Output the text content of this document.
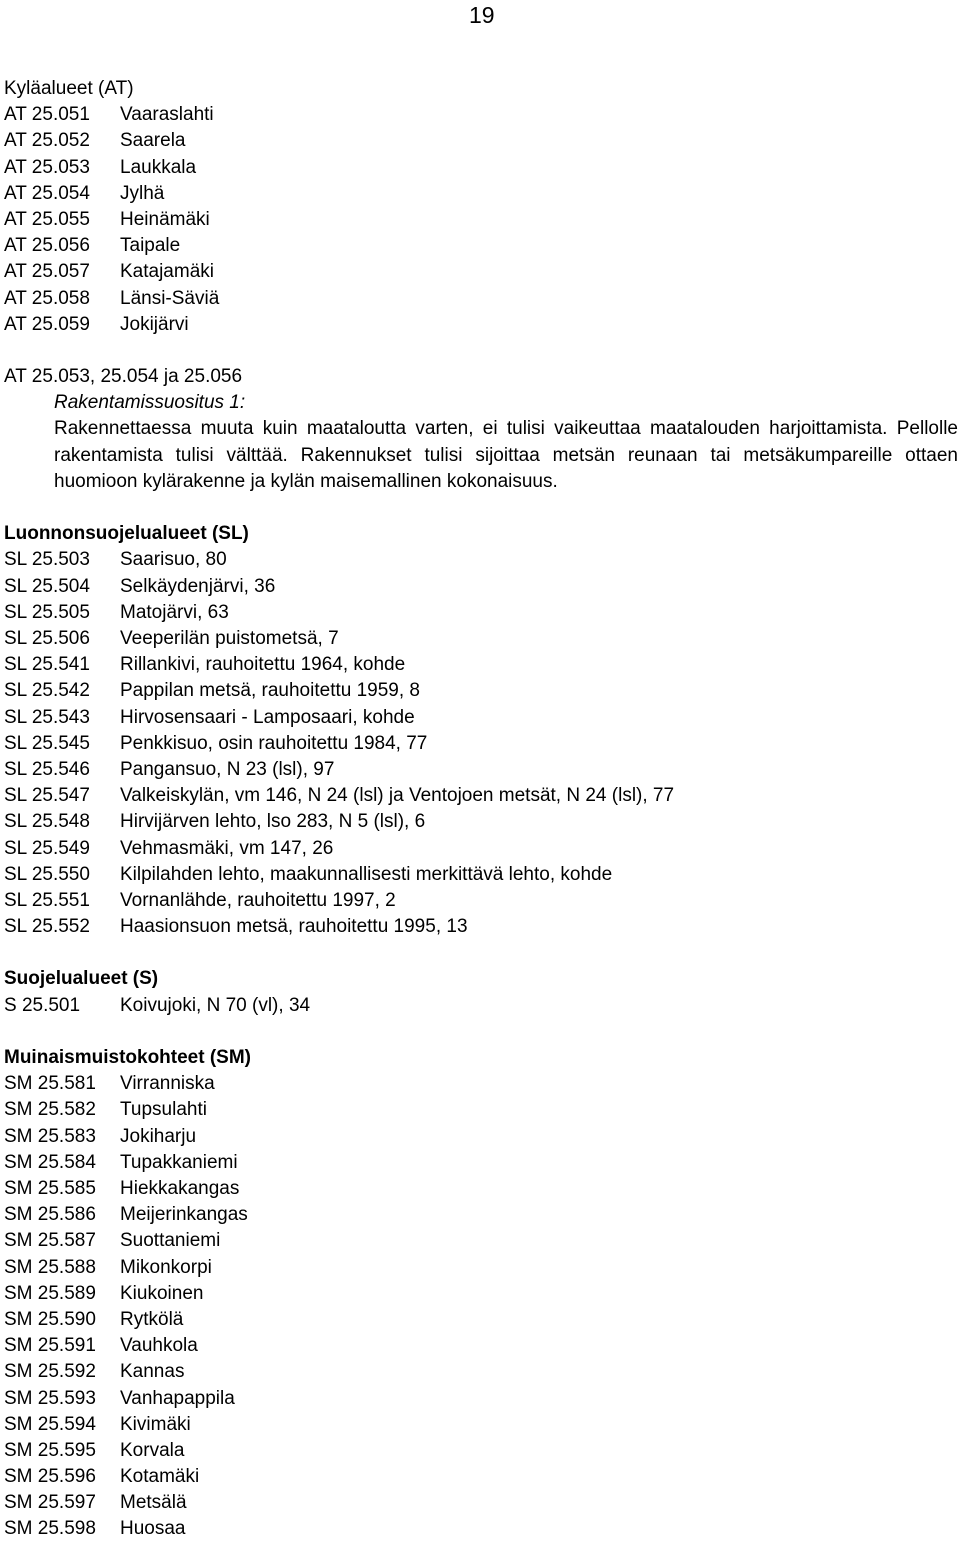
19
Kyläalueet (AT)
AT 25.051 Vaaraslahti
AT 25.052 Saarela
AT 25.053 Laukkala
AT 25.054 Jylhä
AT 25.055 Heinämäki
AT 25.056 Taipale
AT 25.057 Katajamäki
AT 25.058 Länsi-Säviä
AT 25.059 Jokijärvi
AT 25.053, 25.054 ja 25.056
Rakentamissuositus 1:
Rakennettaessa muuta kuin maataloutta varten, ei tulisi vaikeuttaa maatalouden harjoittamista. Pellolle rakentamista tulisi välttää. Rakennukset tulisi sijoittaa metsän reunaan tai metsäkumpareille ottaen huomioon kylärakenne ja kylän maisemallinen kokonaisuus.
Luonnonsuojelualueet (SL)
SL 25.503 Saarisuo, 80
SL 25.504 Selkäydenjärvi, 36
SL 25.505 Matojärvi, 63
SL 25.506 Veeperilän puistometsä, 7
SL 25.541 Rillankivi, rauhoitettu 1964, kohde
SL 25.542 Pappilan metsä, rauhoitettu 1959, 8
SL 25.543 Hirvosensaari - Lamposaari, kohde
SL 25.545 Penkkisuo, osin rauhoitettu 1984, 77
SL 25.546 Pangansuo, N 23 (lsl), 97
SL 25.547 Valkeiskylän, vm 146, N 24 (lsl) ja Ventojoen metsät, N 24 (lsl), 77
SL 25.548 Hirvijärven lehto, lso 283, N 5 (lsl), 6
SL 25.549 Vehmasmäki, vm 147, 26
SL 25.550 Kilpilahden lehto, maakunnallisesti merkittävä lehto, kohde
SL 25.551 Vornanlähde, rauhoitettu 1997, 2
SL 25.552 Haasionsuon metsä, rauhoitettu 1995, 13
Suojelualueet (S)
S 25.501 Koivujoki, N 70 (vl), 34
Muinaismuistokohteet (SM)
SM 25.581 Virranniska
SM 25.582 Tupsulahti
SM 25.583 Jokiharju
SM 25.584 Tupakkaniemi
SM 25.585 Hiekkakangas
SM 25.586 Meijerinkangas
SM 25.587 Suottaniemi
SM 25.588 Mikonkorpi
SM 25.589 Kiukoinen
SM 25.590 Rytkölä
SM 25.591 Vauhkola
SM 25.592 Kannas
SM 25.593 Vanhapappila
SM 25.594 Kivimäki
SM 25.595 Korvala
SM 25.596 Kotamäki
SM 25.597 Metsälä
SM 25.598 Huosaa
